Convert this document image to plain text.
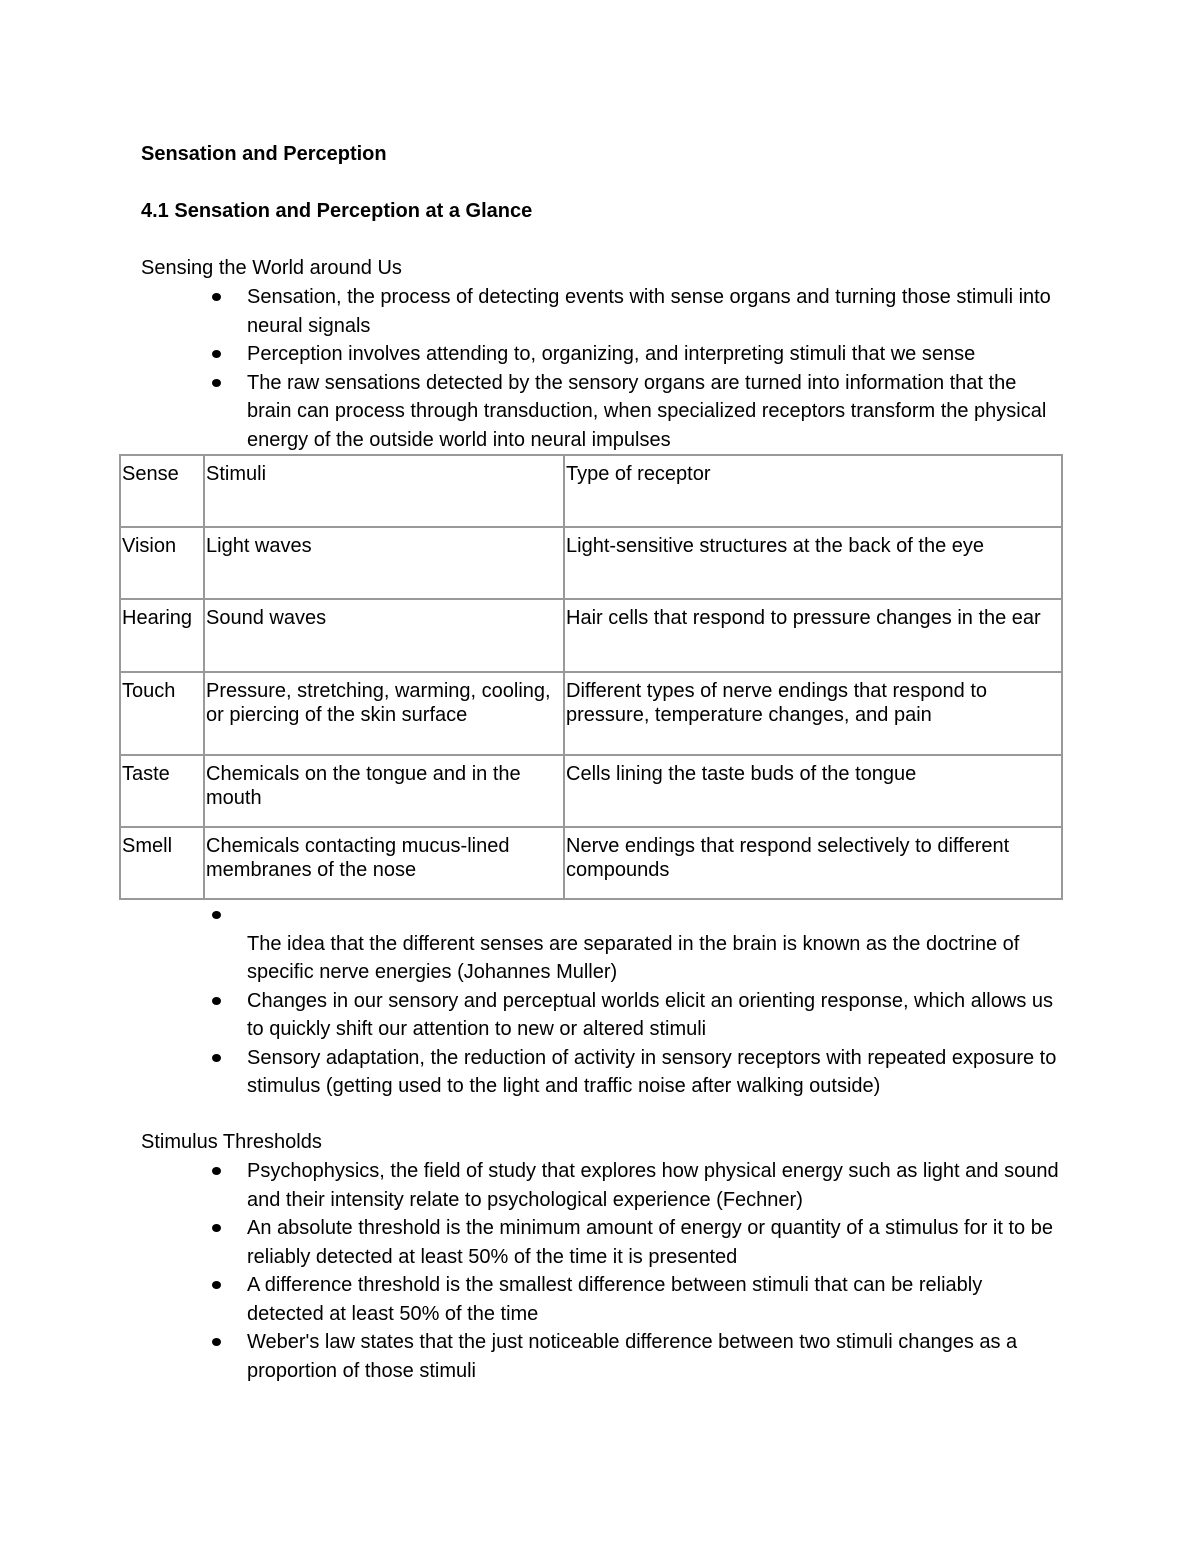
Sensation and Perception
4.1 Sensation and Perception at a Glance

Sensing the World around Us

Sensation, the process of detecting events with sense organs and turning those stimuli into neural signals
Perception involves attending to, organizing, and interpreting stimuli that we sense
The raw sensations detected by the sensory organs are turned into information that the brain can process through transduction, when specialized receptors transform the physical energy of the outside world into neural impulses
Sense	Stimuli	Type of receptor
Vision	Light waves	Light-sensitive structures at the back of the eye
Hearing	Sound waves	Hair cells that respond to pressure changes in the ear
Touch	Pressure, stretching, warming, cooling, or piercing of the skin surface	Different types of nerve endings that respond to pressure, temperature changes, and pain
Taste	Chemicals on the tongue and in the mouth	Cells lining the taste buds of the tongue
Smell	Chemicals contacting mucus-lined membranes of the nose	Nerve endings that respond selectively to different compounds
The idea that the different senses are separated in the brain is known as the doctrine of specific nerve energies (Johannes Muller)
Changes in our sensory and perceptual worlds elicit an orienting response, which allows us to quickly shift our attention to new or altered stimuli
Sensory adaptation, the reduction of activity in sensory receptors with repeated exposure to stimulus (getting used to the light and traffic noise after walking outside)

Stimulus Thresholds

Psychophysics, the field of study that explores how physical energy such as light and sound and their intensity relate to psychological experience (Fechner)
An absolute threshold is the minimum amount of energy or quantity of a stimulus for it to be reliably detected at least 50% of the time it is presented
A difference threshold is the smallest difference between stimuli that can be reliably detected at least 50% of the time
Weber's law states that the just noticeable difference between two stimuli changes as a proportion of those stimuli
